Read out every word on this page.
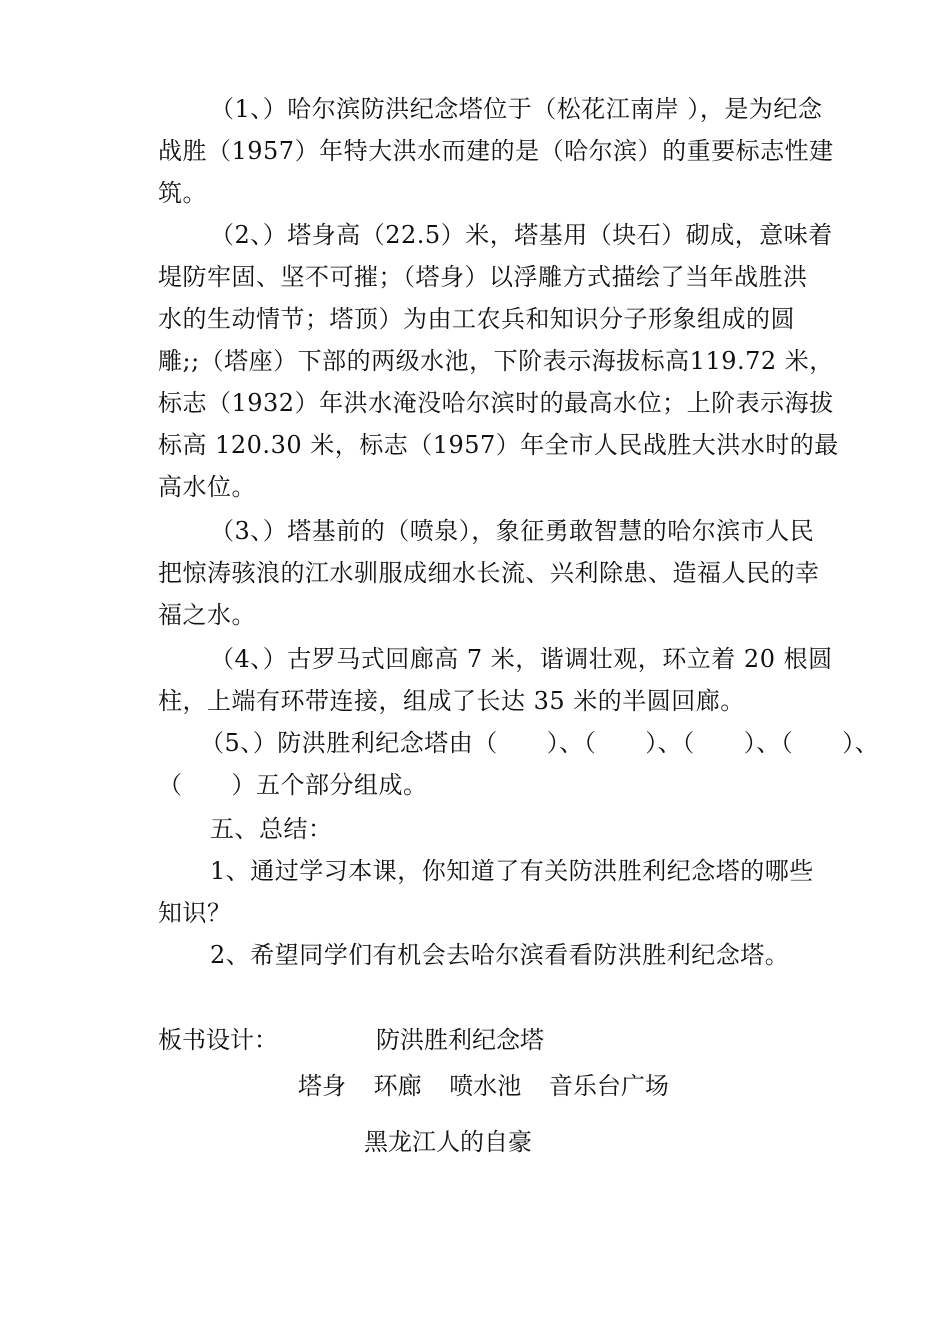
（1、）哈尔滨防洪纪念塔位于（松花江南岸 ），是为纪念
战胜（1957）年特大洪水而建的是（哈尔滨）的重要标志性建
筑。

（2、）塔身高（22.5）米，塔基用（块石）砌成，意味着
堤防牢固、坚不可摧；（塔身）以浮雕方式描绘了当年战胜洪
水的生动情节；塔顶）为由工农兵和知识分子形象组成的圆
雕;;（塔座）下部的两级水池，下阶表示海拔标高119.72 米，
标志（1932）年洪水淹没哈尔滨时的最高水位；上阶表示海拔
标高 120.30 米，标志（1957）年全市人民战胜大洪水时的最
高水位。

（3、）塔基前的（喷泉），象征勇敢智慧的哈尔滨市人民
把惊涛骇浪的江水驯服成细水长流、兴利除患、造福人民的幸
福之水。

（4、）古罗马式回廊高 7 米，谐调壮观，环立着 20 根圆
柱，上端有环带连接，组成了长达 35 米的半圆回廊。

（5、）防洪胜利纪念塔由（　　）、（　　）、（　　）、（　　）、
（　　）五个部分组成。

五、总结：
1、通过学习本课，你知道了有关防洪胜利纪念塔的哪些
知识？
2、希望同学们有机会去哈尔滨看看防洪胜利纪念塔。

板书设计：	防洪胜利纪念塔
塔身 环廊 喷水池 音乐台广场
黑龙江人的自豪
